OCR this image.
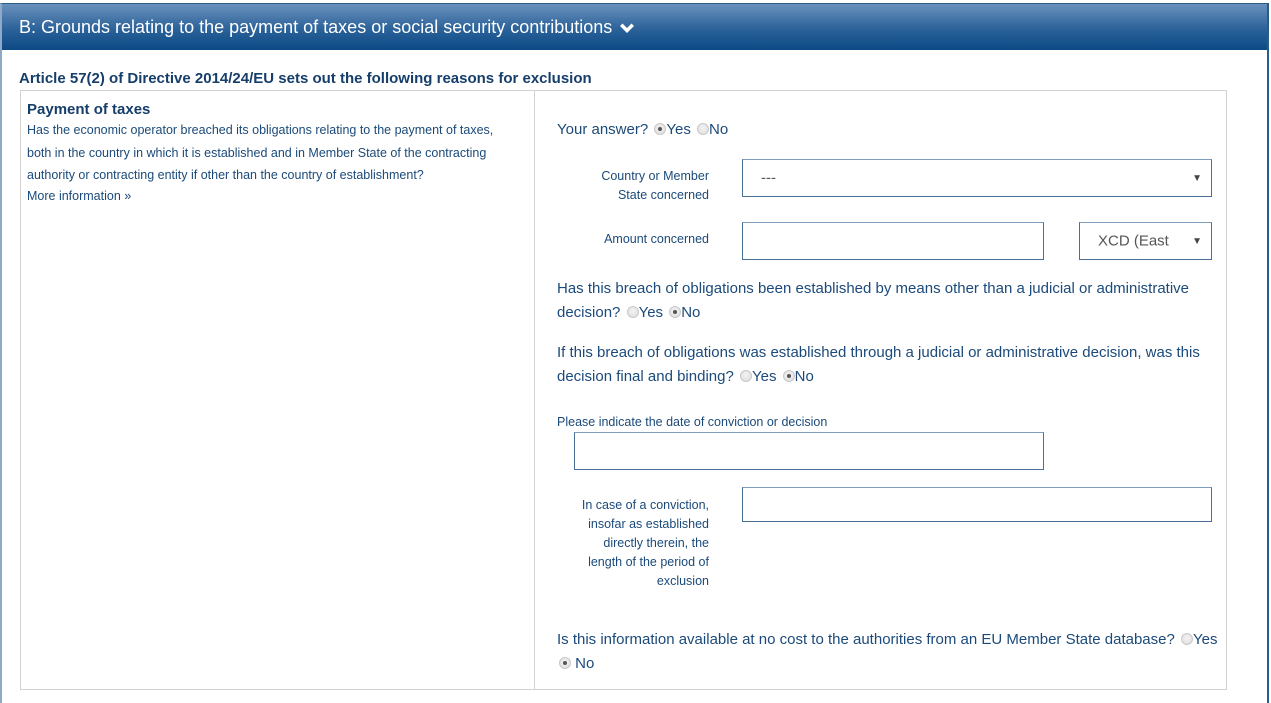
B: Grounds relating to the payment of taxes or social security contributions
Article 57(2) of Directive 2014/24/EU sets out the following reasons for exclusion
Payment of taxes
Has the economic operator breached its obligations relating to the payment of taxes, both in the country in which it is established and in Member State of the contracting authority or contracting entity if other than the country of establishment?
More information »
Your answer? Yes No
Country or Member State concerned
---	▼
Amount concerned	XCD (East ▼
Has this breach of obligations been established by means other than a judicial or administrative decision? Yes No
If this breach of obligations was established through a judicial or administrative decision, was this decision final and binding? Yes No
Please indicate the date of conviction or decision
In case of a conviction, insofar as established directly therein, the length of the period of exclusion
Is this information available at no cost to the authorities from an EU Member State database? Yes  No
